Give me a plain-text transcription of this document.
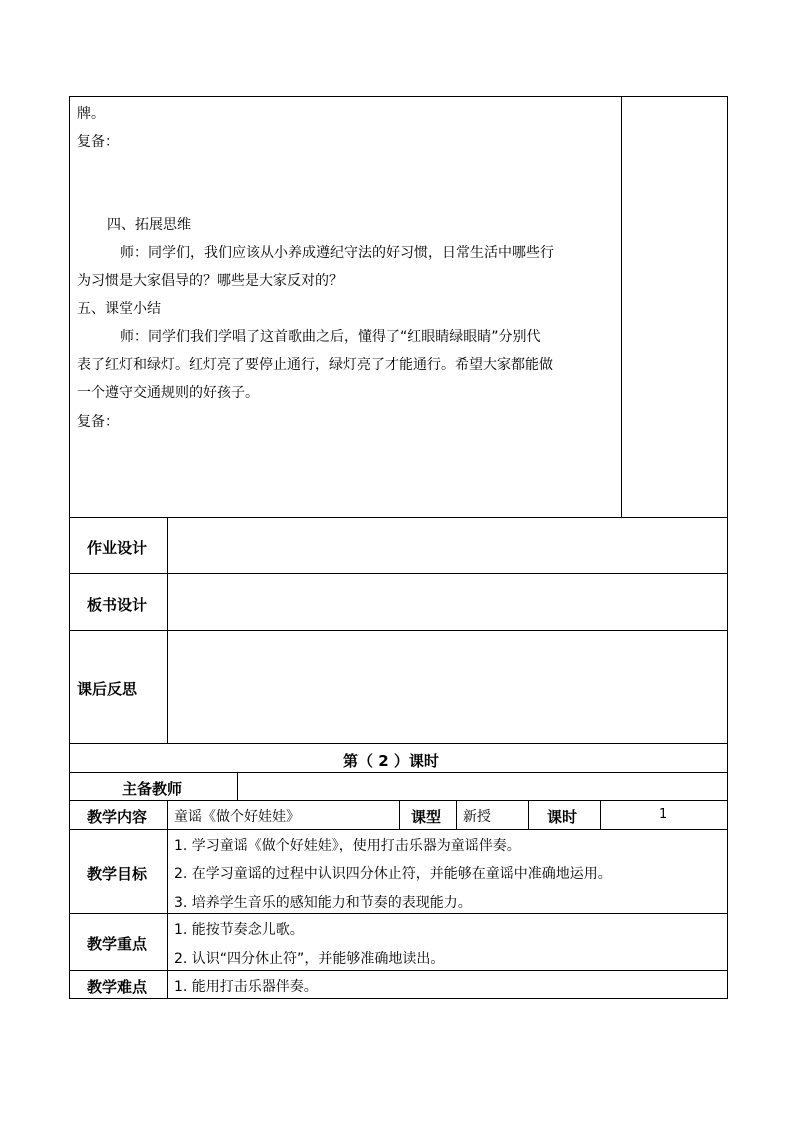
牌。
复备：
四、拓展思维
师：同学们，我们应该从小养成遵纪守法的好习惯，日常生活中哪些行
为习惯是大家倡导的？哪些是大家反对的？
五、课堂小结
师：同学们我们学唱了这首歌曲之后，懂得了“红眼睛绿眼睛”分别代
表了红灯和绿灯。红灯亮了要停止通行，绿灯亮了才能通行。希望大家都能做
一个遵守交通规则的好孩子。
复备：
作业设计
板书设计
课后反思
第（ 2 ）课时
主备教师
教学内容 童谣《做个好娃娃》	课型 新授	课时	1
教学目标
1. 学习童谣《做个好娃娃》，使用打击乐器为童谣伴奏。
2. 在学习童谣的过程中认识四分休止符，并能够在童谣中准确地运用。
3. 培养学生音乐的感知能力和节奏的表现能力。
教学重点
1. 能按节奏念儿歌。
2. 认识“四分休止符”，并能够准确地读出。
教学难点 1. 能用打击乐器伴奏。
